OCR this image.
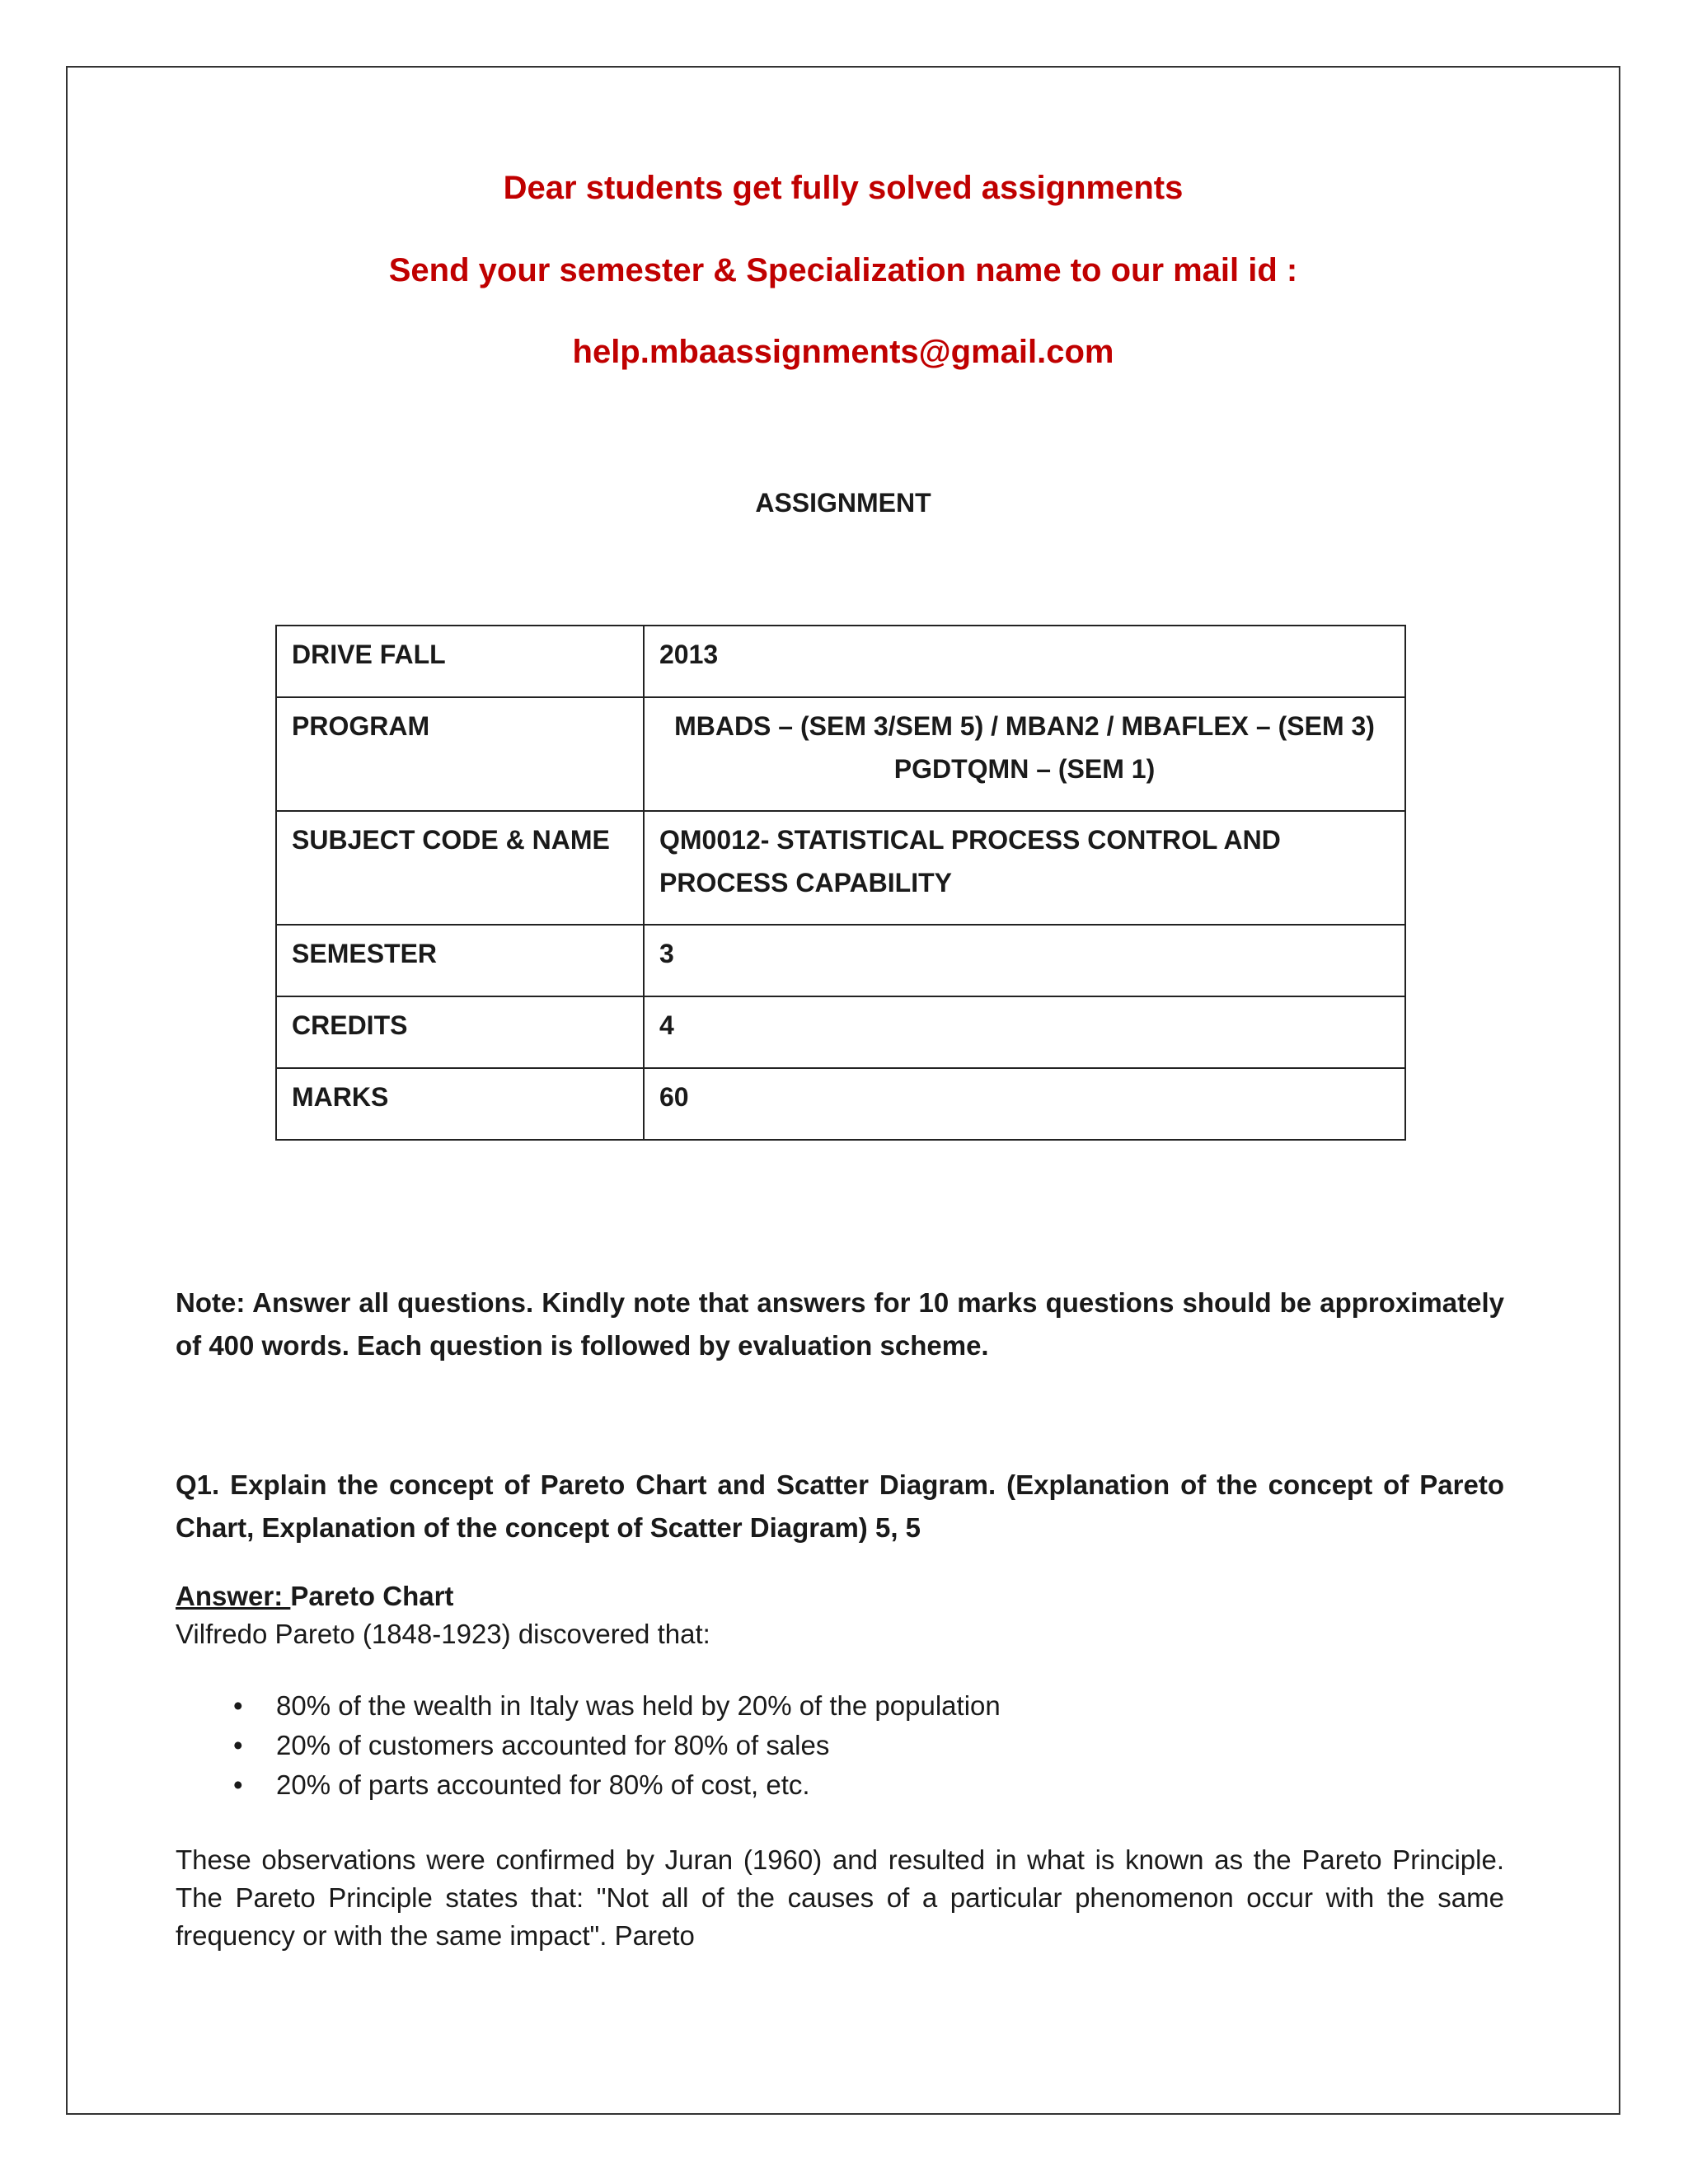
Dear students get fully solved assignments
Send your semester & Specialization name to our mail id :
help.mbaassignments@gmail.com
ASSIGNMENT
DRIVE FALL	2013
PROGRAM	MBADS – (SEM 3/SEM 5) / MBAN2 / MBAFLEX – (SEM 3)
PGDTQMN – (SEM 1)

SUBJECT CODE & NAME	QM0012- STATISTICAL PROCESS CONTROL AND PROCESS CAPABILITY
SEMESTER	3
CREDITS	4
MARKS	60
Note: Answer all questions. Kindly note that answers for 10 marks questions should be approximately of 400 words. Each question is followed by evaluation scheme.
Q1. Explain the concept of Pareto Chart and Scatter Diagram. (Explanation of the concept of Pareto Chart, Explanation of the concept of Scatter Diagram) 5, 5
Answer: Pareto Chart
Vilfredo Pareto (1848-1923) discovered that:
• 80% of the wealth in Italy was held by 20% of the population
• 20% of customers accounted for 80% of sales
• 20% of parts accounted for 80% of cost, etc.
These observations were confirmed by Juran (1960) and resulted in what is known as the Pareto Principle. The Pareto Principle states that: "Not all of the causes of a particular phenomenon occur with the same frequency or with the same impact". Pareto
